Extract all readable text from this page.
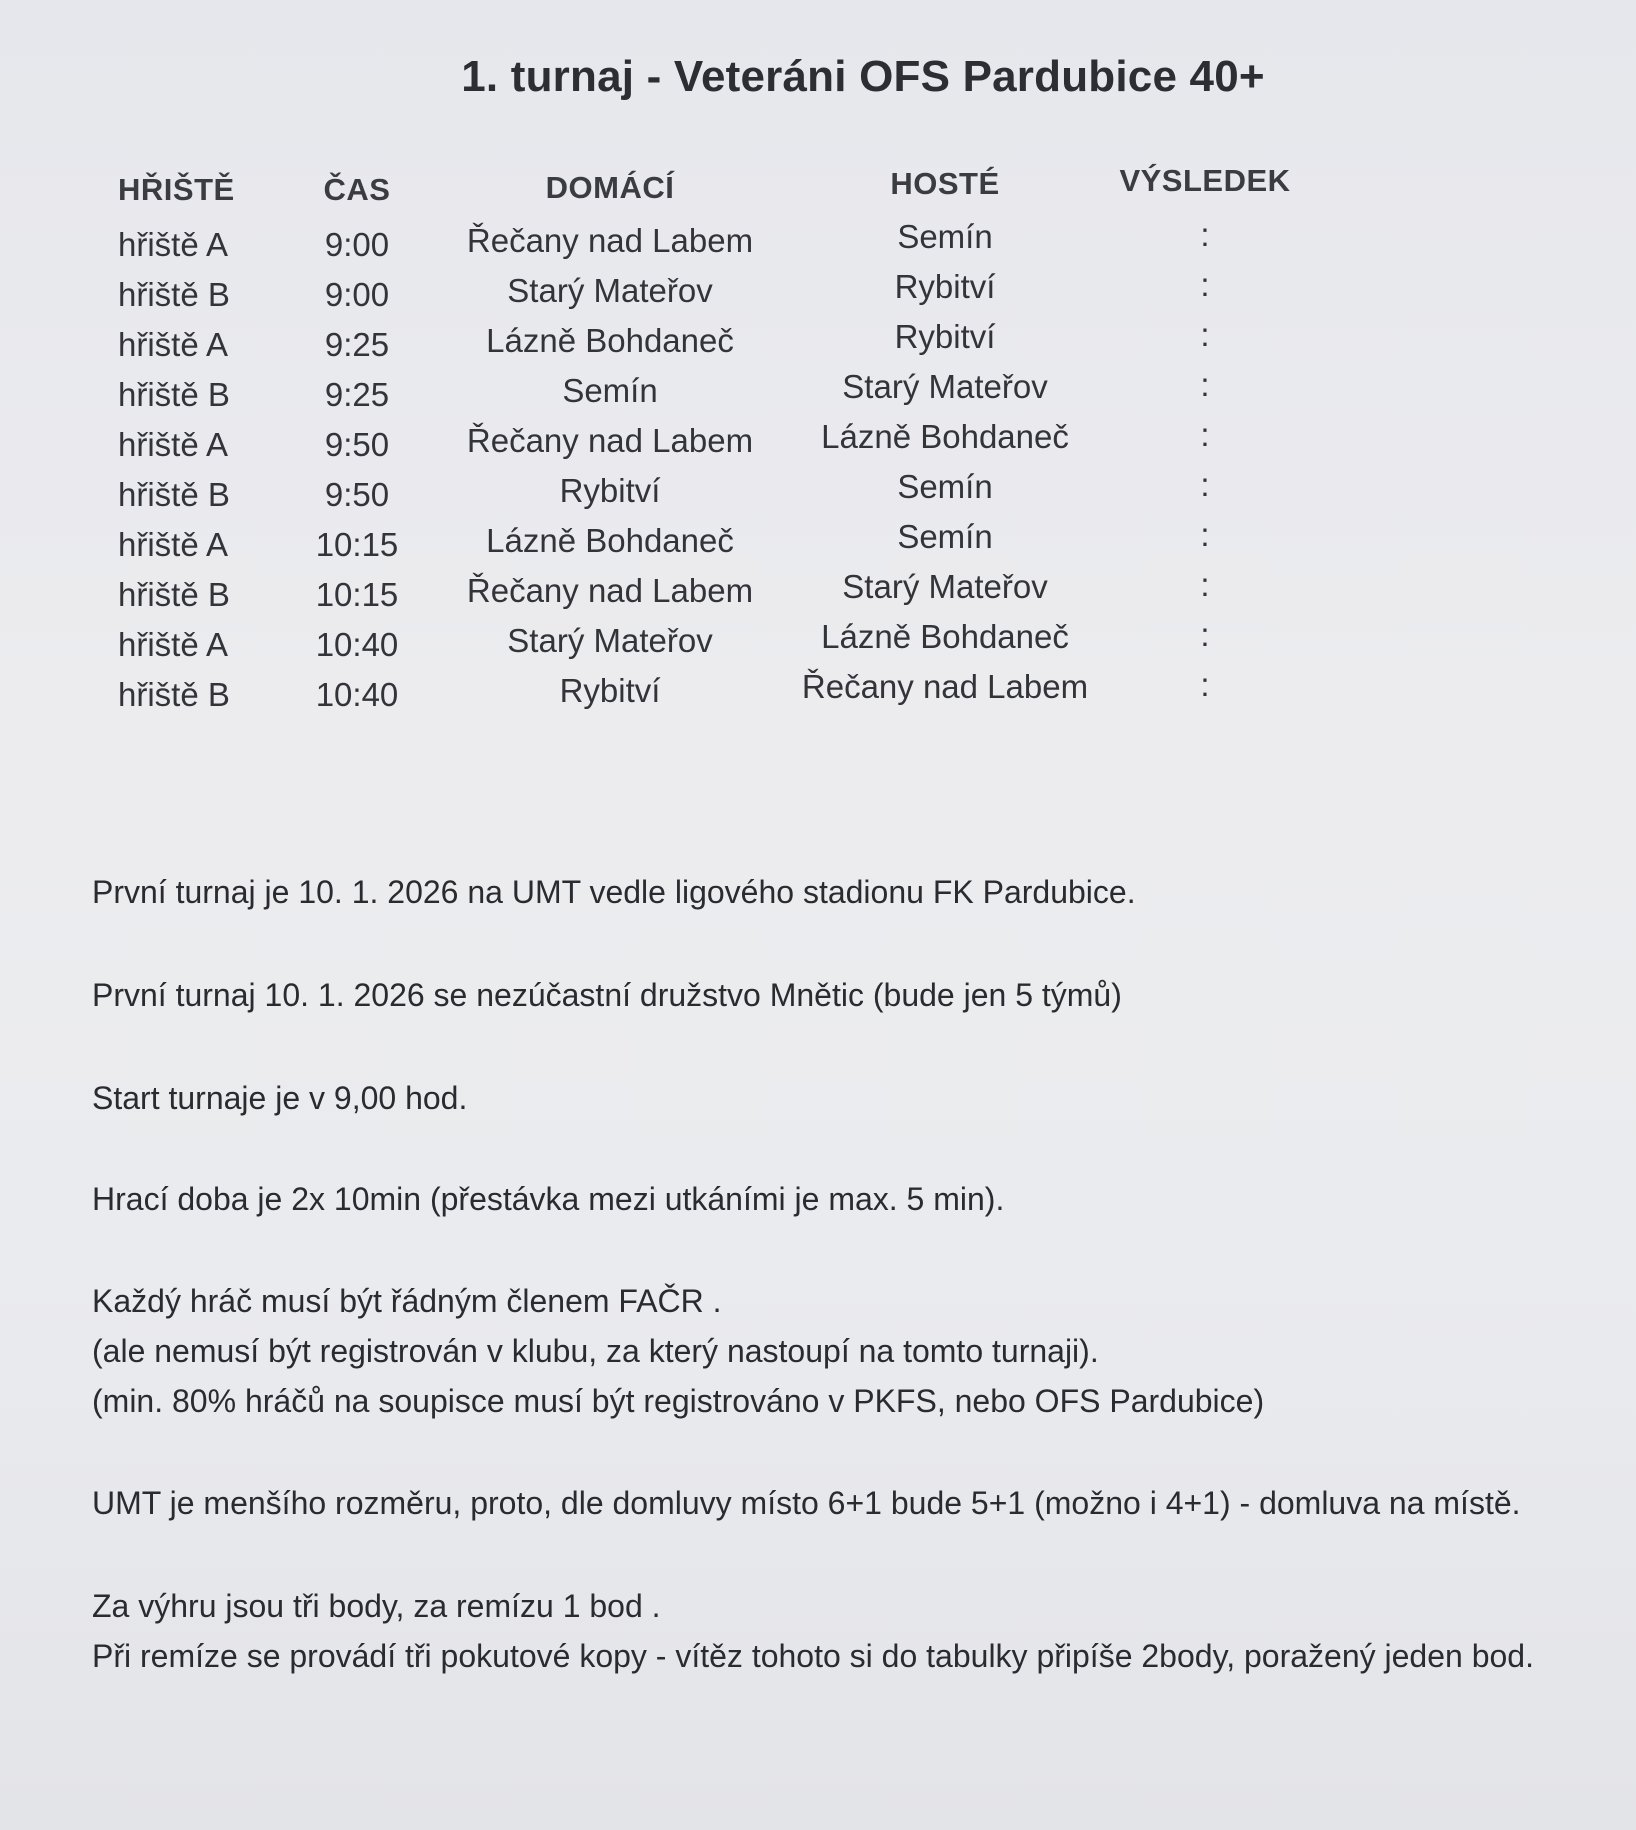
1. turnaj - Veteráni OFS Pardubice 40+
HŘIŠTĚ	ČAS	DOMÁCÍ	HOSTÉ	VÝSLEDEK
hřiště A	9:00	Řečany nad Labem	Semín	:
hřiště B	9:00	Starý Mateřov	Rybitví	:
hřiště A	9:25	Lázně Bohdaneč	Rybitví	:
hřiště B	9:25	Semín	Starý Mateřov	:
hřiště A	9:50	Řečany nad Labem	Lázně Bohdaneč	:
hřiště B	9:50	Rybitví	Semín	:
hřiště A	10:15	Lázně Bohdaneč	Semín	:
hřiště B	10:15	Řečany nad Labem	Starý Mateřov	:
hřiště A	10:40	Starý Mateřov	Lázně Bohdaneč	:
hřiště B	10:40	Rybitví	Řečany nad Labem	:
První turnaj je 10. 1. 2026 na UMT vedle ligového stadionu FK Pardubice.
První turnaj 10. 1. 2026 se nezúčastní družstvo Mnětic (bude jen 5 týmů)
Start turnaje je v 9,00 hod.
Hrací doba je 2x 10min (přestávka mezi utkáními je max. 5 min).
Každý hráč musí být řádným členem FAČR .
(ale nemusí být registrován v klubu, za který nastoupí na tomto turnaji).
(min. 80% hráčů na soupisce musí být registrováno v PKFS, nebo OFS Pardubice)
UMT je menšího rozměru, proto, dle domluvy místo 6+1 bude 5+1 (možno i 4+1) - domluva na místě.
Za výhru jsou tři body, za remízu 1 bod .
Při remíze se provádí tři pokutové kopy - vítěz tohoto si do tabulky připíše 2body, poražený jeden bod.
